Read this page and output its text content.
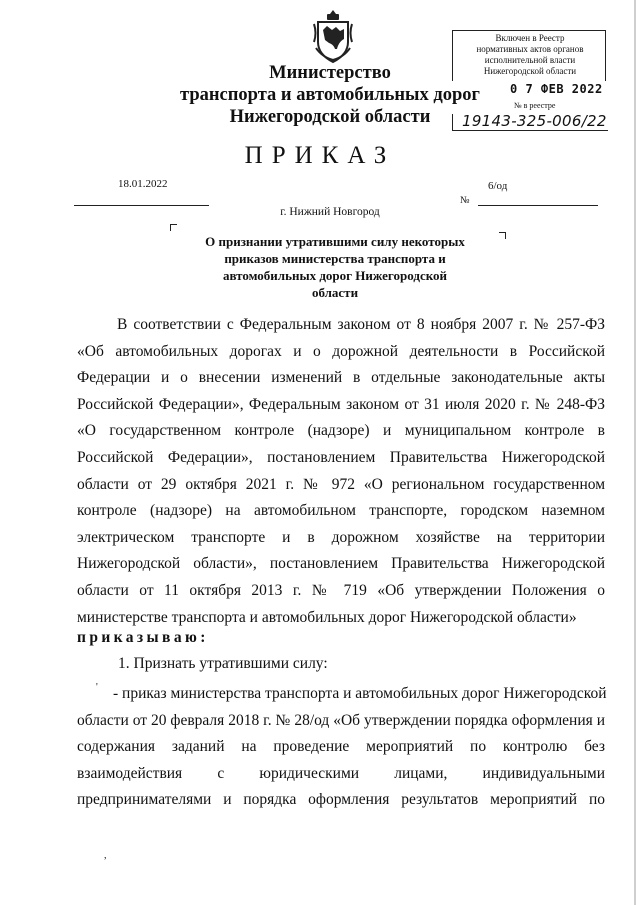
Министерство
транспорта и автомобильных дорог
Нижегородской области
Включен в Реестр
нормативных актов органов
исполнительной власти
Нижегородской области
0 7 ФЕВ 2022
№ в реестре
19143-325-006/22
ПРИКАЗ
18.01.2022	6/од
№
г. Нижний Новгород
О признании утратившими силу некоторых
приказов министерства транспорта и
автомобильных дорог Нижегородской
области
В соответствии с Федеральным законом от 8 ноября 2007 г. № 257-ФЗ
«Об автомобильных дорогах и о дорожной деятельности в Российской
Федерации и о внесении изменений в отдельные законодательные акты
Российской Федерации», Федеральным законом от 31 июля 2020 г. № 248-ФЗ
«О государственном контроле (надзоре) и муниципальном контроле в
Российской Федерации», постановлением Правительства Нижегородской
области от 29 октября 2021 г. № 972 «О региональном государственном
контроле (надзоре) на автомобильном транспорте, городском наземном
электрическом транспорте и в дорожном хозяйстве на территории
Нижегородской области», постановлением Правительства Нижегородской
области от 11 октября 2013 г. № 719 «Об утверждении Положения о
министерстве транспорта и автомобильных дорог Нижегородской области»
приказываю:
1. Признать утратившими силу:
' - приказ министерства транспорта и автомобильных дорог Нижегородской
области от 20 февраля 2018 г. № 28/од «Об утверждении порядка оформления и
содержания заданий на проведение мероприятий по контролю без
взаимодействия с юридическими лицами, индивидуальными
предпринимателями и порядка оформления результатов мероприятий по
,
